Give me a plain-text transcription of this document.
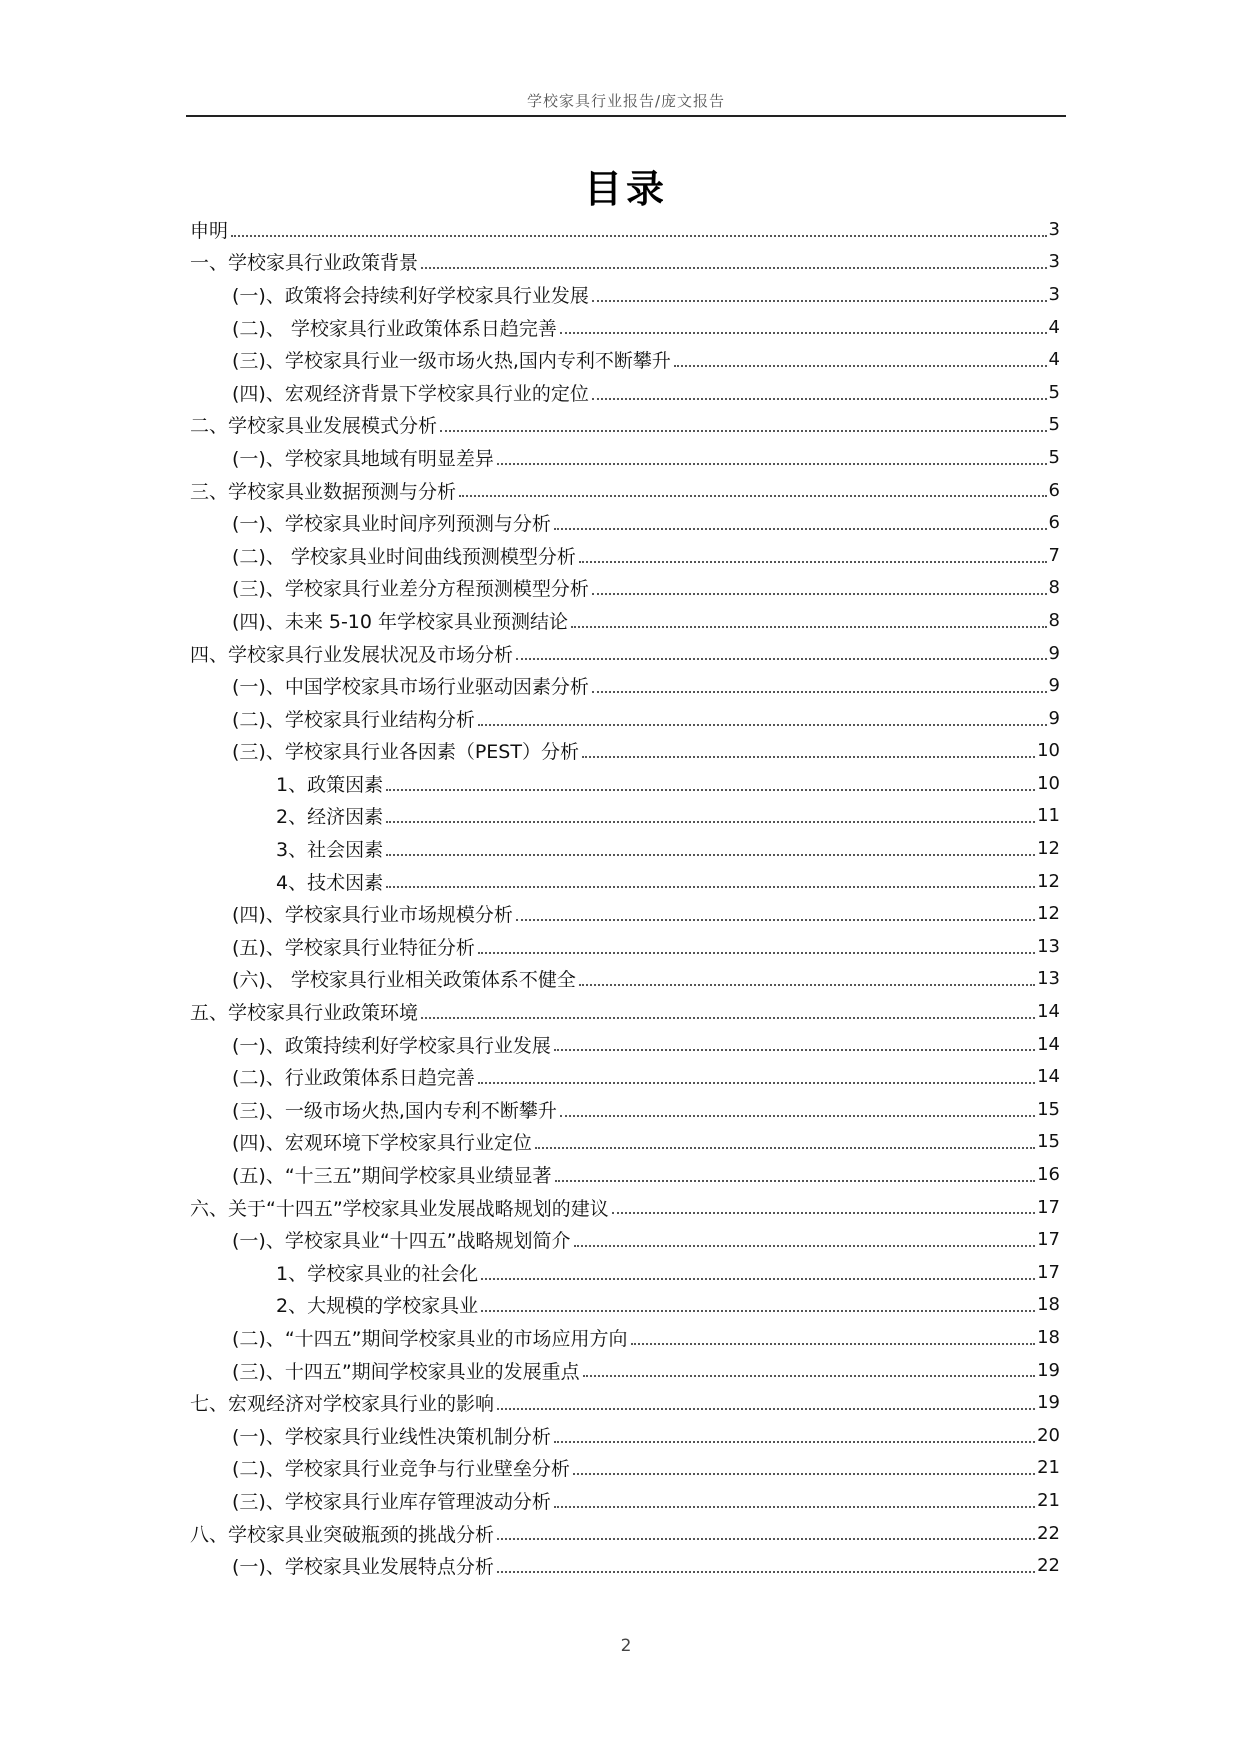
学校家具行业报告/庞文报告
目录
申明	3
一、学校家具行业政策背景	3
(一)、政策将会持续利好学校家具行业发展	3
(二)、 学校家具行业政策体系日趋完善	4
(三)、学校家具行业一级市场火热,国内专利不断攀升	4
(四)、宏观经济背景下学校家具行业的定位	5
二、学校家具业发展模式分析	5
(一)、学校家具地域有明显差异	5
三、学校家具业数据预测与分析	6
(一)、学校家具业时间序列预测与分析	6
(二)、 学校家具业时间曲线预测模型分析	7
(三)、学校家具行业差分方程预测模型分析	8
(四)、未来 5-10 年学校家具业预测结论	8
四、学校家具行业发展状况及市场分析	9
(一)、中国学校家具市场行业驱动因素分析	9
(二)、学校家具行业结构分析	9
(三)、学校家具行业各因素（PEST）分析	10
1、政策因素	10
2、经济因素	11
3、社会因素	12
4、技术因素	12
(四)、学校家具行业市场规模分析	12
(五)、学校家具行业特征分析	13
(六)、 学校家具行业相关政策体系不健全	13
五、学校家具行业政策环境	14
(一)、政策持续利好学校家具行业发展	14
(二)、行业政策体系日趋完善	14
(三)、一级市场火热,国内专利不断攀升	15
(四)、宏观环境下学校家具行业定位	15
(五)、“十三五”期间学校家具业绩显著	16
六、关于“十四五”学校家具业发展战略规划的建议	17
(一)、学校家具业“十四五”战略规划简介	17
1、学校家具业的社会化	17
2、大规模的学校家具业	18
(二)、“十四五”期间学校家具业的市场应用方向	18
(三)、十四五”期间学校家具业的发展重点	19
七、宏观经济对学校家具行业的影响	19
(一)、学校家具行业线性决策机制分析	20
(二)、学校家具行业竞争与行业壁垒分析	21
(三)、学校家具行业库存管理波动分析	21
八、学校家具业突破瓶颈的挑战分析	22
(一)、学校家具业发展特点分析	22
2
